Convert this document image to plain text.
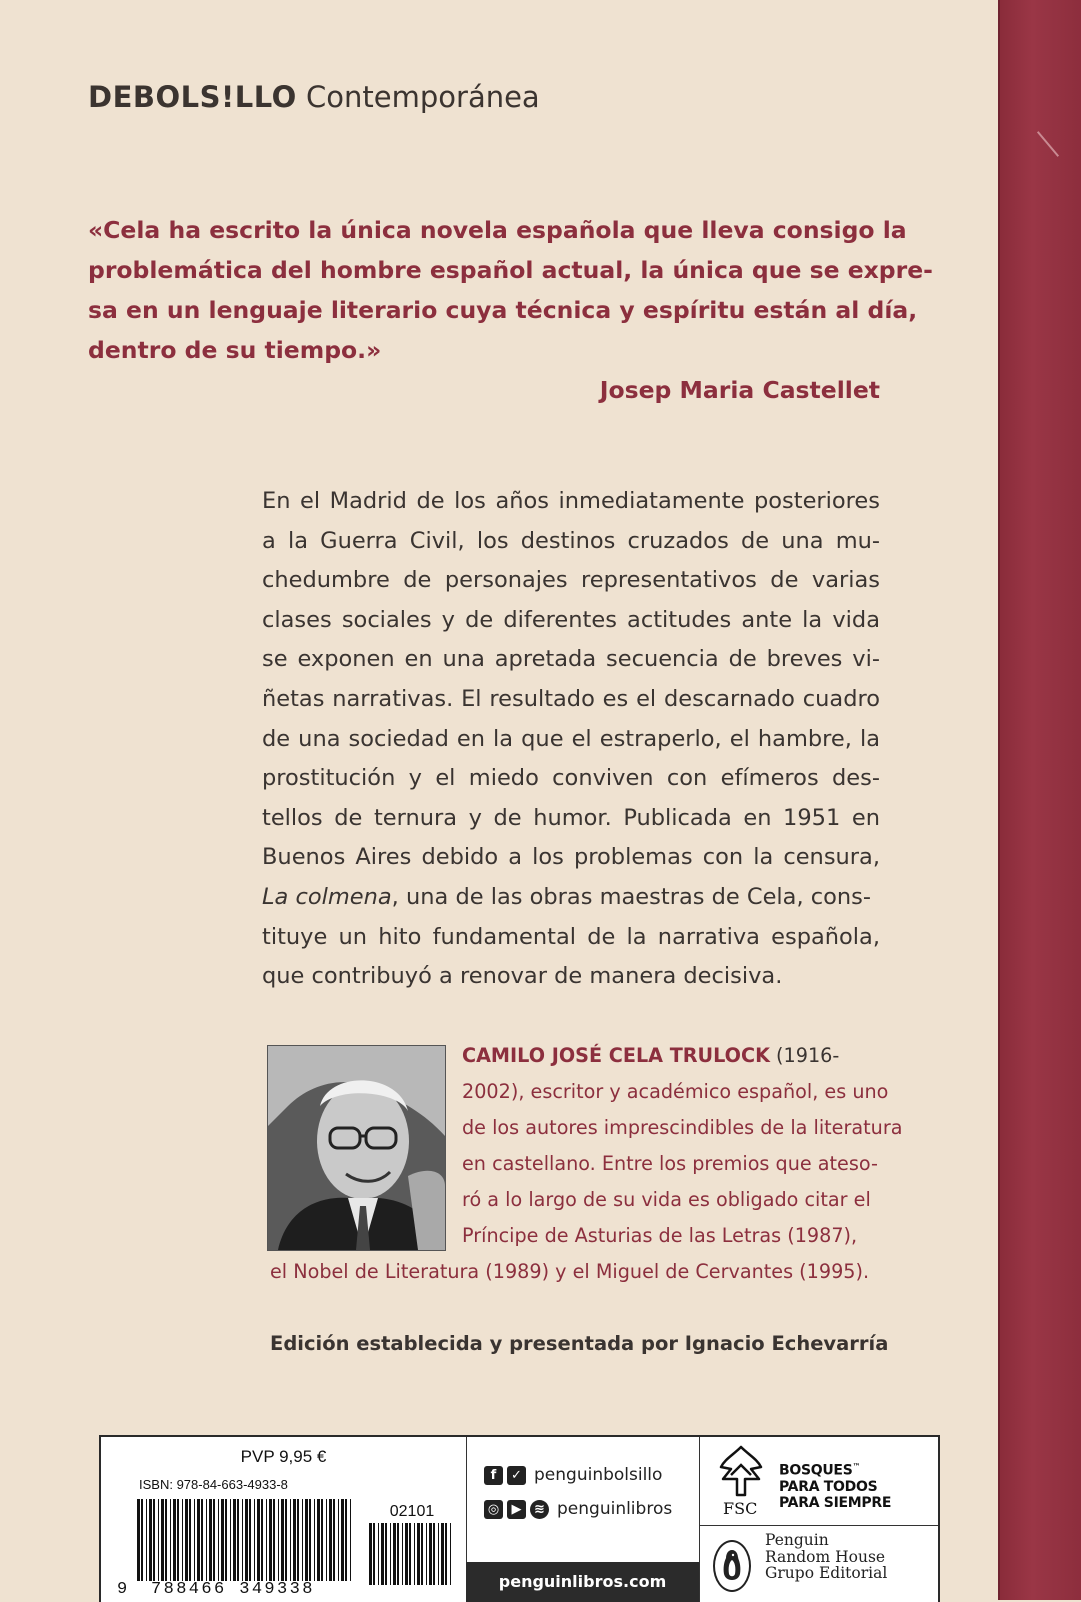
DEBOLS!LLO Contemporánea
«Cela ha escrito la única novela española que lleva consigo la
problemática del hombre español actual, la única que se expre-
sa en un lenguaje literario cuya técnica y espíritu están al día,
dentro de su tiempo.»
Josep Maria Castellet
En el Madrid de los años inmediatamente posteriores
a la Guerra Civil, los destinos cruzados de una mu-
chedumbre de personajes representativos de varias
clases sociales y de diferentes actitudes ante la vida
se exponen en una apretada secuencia de breves vi-
ñetas narrativas. El resultado es el descarnado cuadro
de una sociedad en la que el estraperlo, el hambre, la
prostitución y el miedo conviven con efímeros des-
tellos de ternura y de humor. Publicada en 1951 en
Buenos Aires debido a los problemas con la censura,
La colmena, una de las obras maestras de Cela, cons-
tituye un hito fundamental de la narrativa española,
que contribuyó a renovar de manera decisiva.
CAMILO JOSÉ CELA TRULOCK (1916-
2002), escritor y académico español, es uno
de los autores imprescindibles de la literatura
en castellano. Entre los premios que ateso-
ró a lo largo de su vida es obligado citar el
Príncipe de Asturias de las Letras (1987),
el Nobel de Literatura (1989) y el Miguel de Cervantes (1995).
Edición establecida y presentada por Ignacio Echevarría
PVP 9,95 €
ISBN: 978-84-663-4933-8
02101
9 788466 349338
f	✓ penguinbolsillo
◎ ▶ ≋ penguinlibros
penguinlibros.com
FSC
BOSQUES™
PARA TODOS
PARA SIEMPRE
Penguin
Random House
Grupo Editorial
